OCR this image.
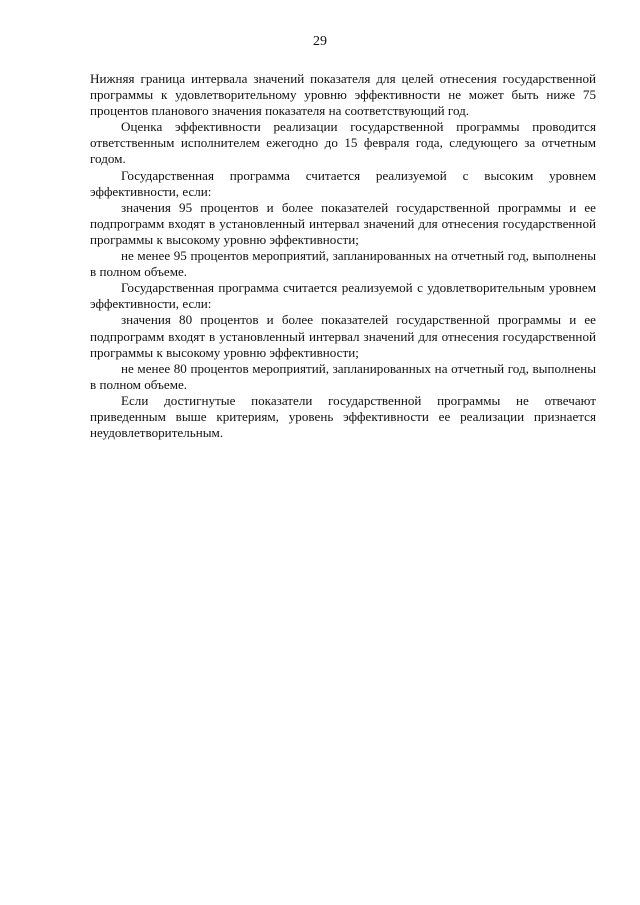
29

Нижняя граница интервала значений показателя для целей отнесения государственной программы к удовлетворительному уровню эффективности не может быть ниже 75 процентов планового значения показателя на соответствующий год.

Оценка эффективности реализации государственной программы проводится ответственным исполнителем ежегодно до 15 февраля года, следующего за отчетным годом.

Государственная программа считается реализуемой с высоким уровнем эффективности, если:

значения 95 процентов и более показателей государственной программы и ее подпрограмм входят в установленный интервал значений для отнесения государственной программы к высокому уровню эффективности;

не менее 95 процентов мероприятий, запланированных на отчетный год, выполнены в полном объеме.

Государственная программа считается реализуемой с удовлетворительным уровнем эффективности, если:

значения 80 процентов и более показателей государственной программы и ее подпрограмм входят в установленный интервал значений для отнесения государственной программы к высокому уровню эффективности;

не менее 80 процентов мероприятий, запланированных на отчетный год, выполнены в полном объеме.

Если достигнутые показатели государственной программы не отвечают приведенным выше критериям, уровень эффективности ее реализации признается неудовлетворительным.
